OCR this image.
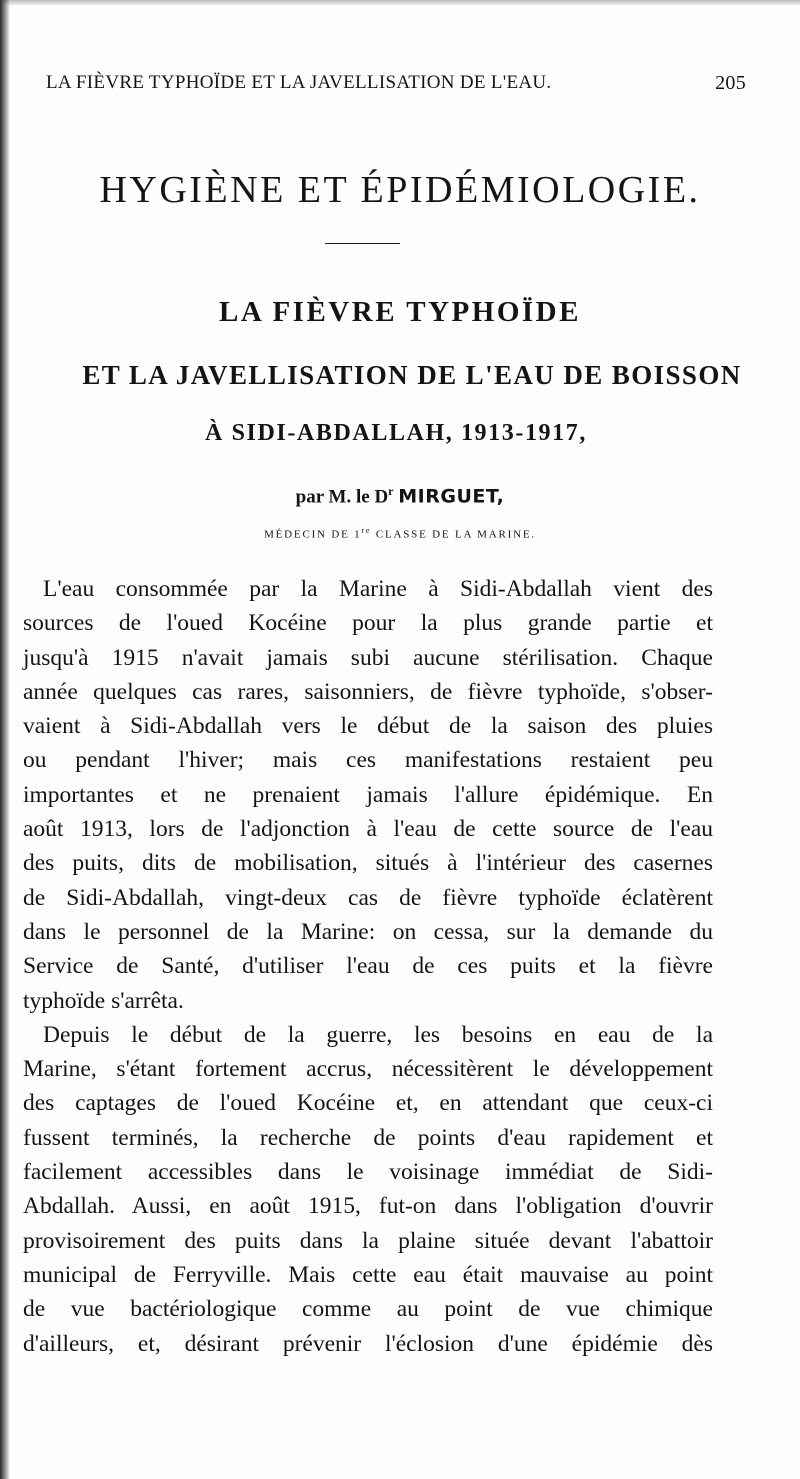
LA FIÈVRE TYPHOÏDE ET LA JAVELLISATION DE L'EAU.	205
HYGIÈNE ET ÉPIDÉMIOLOGIE.
LA FIÈVRE TYPHOÏDE
ET LA JAVELLISATION DE L'EAU DE BOISSON
À SIDI-ABDALLAH, 1913-1917,
par M. le $D^r$ MIRGUET,
MÉDECIN DE 1re CLASSE DE LA MARINE.
L'eau consommée par la Marine à Sidi-Abdallah vient des
sources de l'oued Kocéine pour la plus grande partie et
jusqu'à 1915 n'avait jamais subi aucune stérilisation. Chaque
année quelques cas rares, saisonniers, de fièvre typhoïde, s'obser-
vaient à Sidi-Abdallah vers le début de la saison des pluies
ou pendant l'hiver; mais ces manifestations restaient peu
importantes et ne prenaient jamais l'allure épidémique. En
août 1913, lors de l'adjonction à l'eau de cette source de l'eau
des puits, dits de mobilisation, situés à l'intérieur des casernes
de Sidi-Abdallah, vingt-deux cas de fièvre typhoïde éclatèrent
dans le personnel de la Marine: on cessa, sur la demande du
Service de Santé, d'utiliser l'eau de ces puits et la fièvre
typhoïde s'arrêta.
Depuis le début de la guerre, les besoins en eau de la
Marine, s'étant fortement accrus, nécessitèrent le développement
des captages de l'oued Kocéine et, en attendant que ceux-ci
fussent terminés, la recherche de points d'eau rapidement et
facilement accessibles dans le voisinage immédiat de Sidi-
Abdallah. Aussi, en août 1915, fut-on dans l'obligation d'ouvrir
provisoirement des puits dans la plaine située devant l'abattoir
municipal de Ferryville. Mais cette eau était mauvaise au point
de vue bactériologique comme au point de vue chimique
d'ailleurs, et, désirant prévenir l'éclosion d'une épidémie dès
